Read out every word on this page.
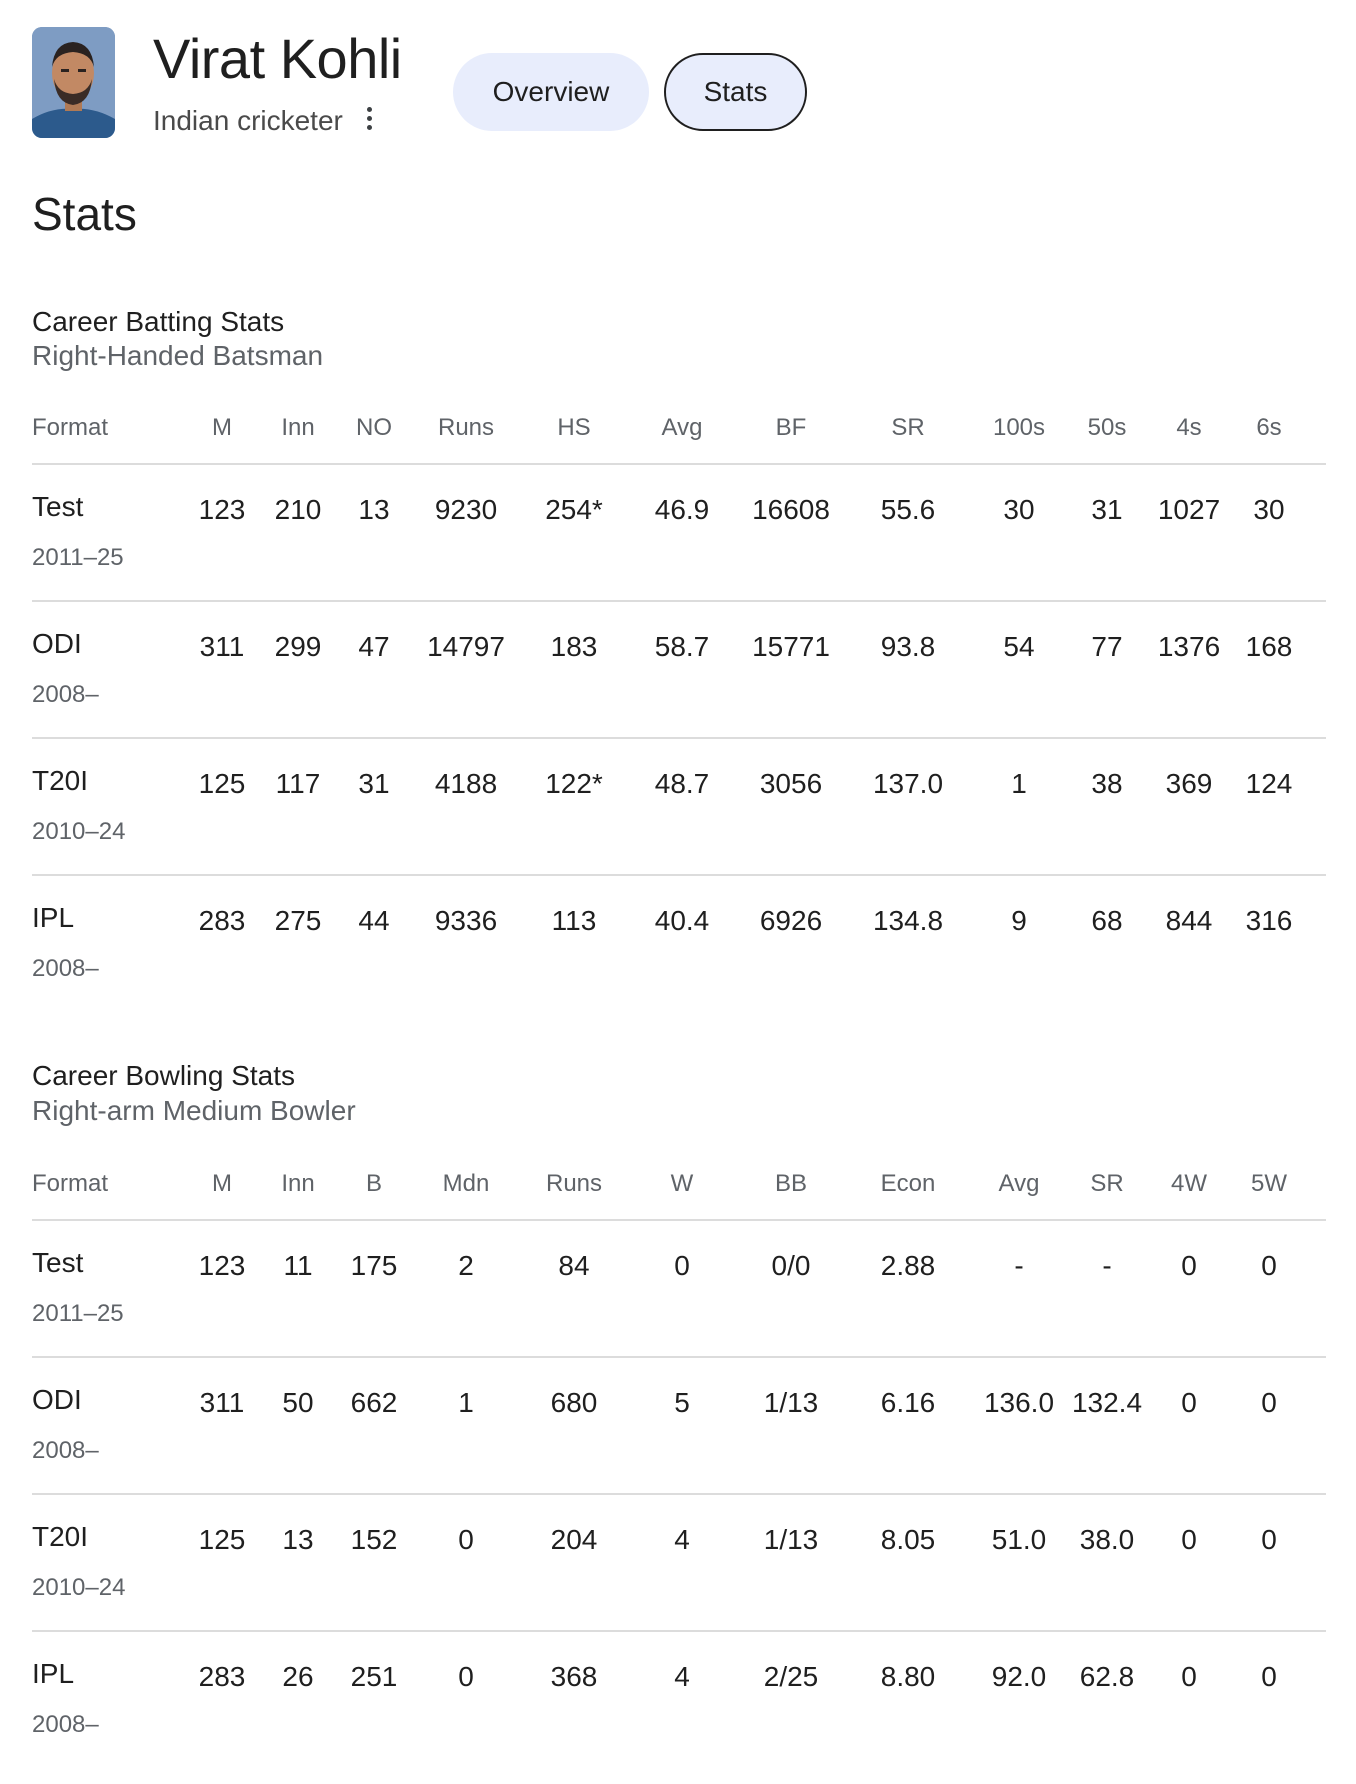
Virat Kohli
Indian cricketer
Overview	Stats
Stats
Career Batting Stats
Right-Handed Batsman
Format	M Inn NO Runs	HS	Avg	BF	SR	100s 50s 4s 6s
Test
2011–25
123 210 13 9230 254* 46.9 16608 55.6 30 31 1027 30
ODI
2008–
311 299 47 14797 183 58.7 15771 93.8 54 77 1376 168
T20I
2010–24
125 117 31 4188 122* 48.7 3056 137.0 1 38 369 124
IPL
2008–
283 275 44 9336 113 40.4 6926 134.8 9 68 844 316
Career Bowling Stats
Right-arm Medium Bowler
Format	M Inn B	Mdn Runs	W	BB	Econ	Avg SR 4W 5W
Test
2011–25
123 11 175 2	84	0	0/0	2.88	-	- 0 0
ODI
2008–
311 50 662 1	680	5	1/13 6.16 136.0 132.4 0 0
T20I
2010–24
125 13 152 0	204	4	1/13 8.05 51.0 38.0 0 0
IPL
2008–
283 26 251 0	368	4	2/25 8.80 92.0 62.8 0 0
